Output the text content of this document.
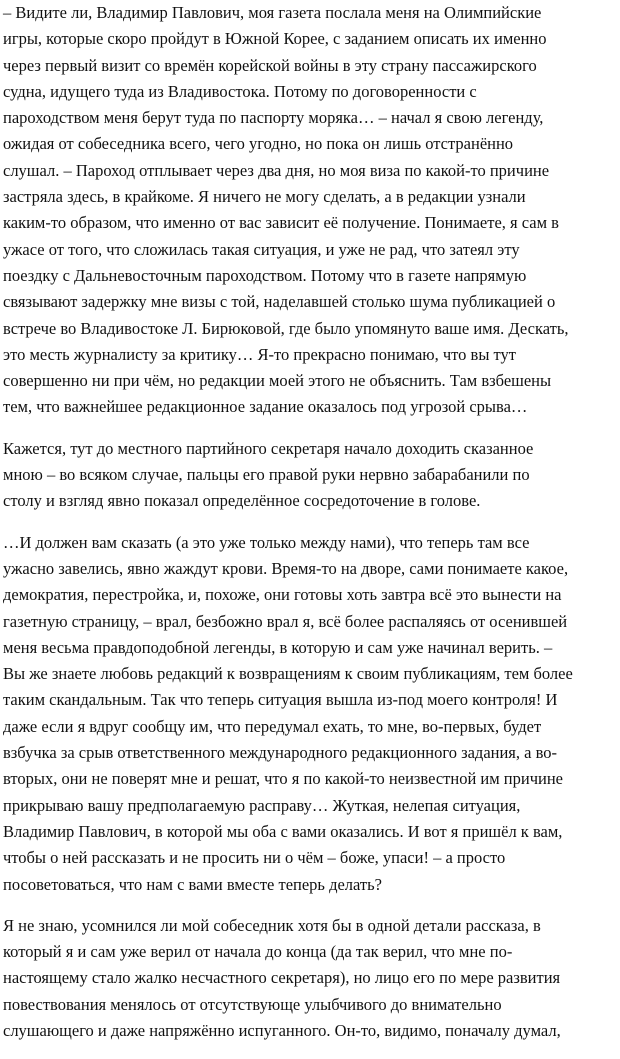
– Видите ли, Владимир Павлович, моя газета послала меня на Олимпийские
игры, которые скоро пройдут в Южной Корее, с заданием описать их именно
через первый визит со времён корейской войны в эту страну пассажирского
судна, идущего туда из Владивостока. Потому по договоренности с
пароходством меня берут туда по паспорту моряка… – начал я свою легенду,
ожидая от собеседника всего, чего угодно, но пока он лишь отстранённо
слушал. – Пароход отплывает через два дня, но моя виза по какой-то причине
застряла здесь, в крайкоме. Я ничего не могу сделать, а в редакции узнали
каким-то образом, что именно от вас зависит её получение. Понимаете, я сам в
ужасе от того, что сложилась такая ситуация, и уже не рад, что затеял эту
поездку с Дальневосточным пароходством. Потому что в газете напрямую
связывают задержку мне визы с той, наделавшей столько шума публикацией о
встрече во Владивостоке Л. Бирюковой, где было упомянуто ваше имя. Дескать,
это месть журналисту за критику… Я-то прекрасно понимаю, что вы тут
совершенно ни при чём, но редакции моей этого не объяснить. Там взбешены
тем, что важнейшее редакционное задание оказалось под угрозой срыва…

Кажется, тут до местного партийного секретаря начало доходить сказанное
мною – во всяком случае, пальцы его правой руки нервно забарабанили по
столу и взгляд явно показал определённое сосредоточение в голове.

…И должен вам сказать (а это уже только между нами), что теперь там все
ужасно завелись, явно жаждут крови. Время-то на дворе, сами понимаете какое,
демократия, перестройка, и, похоже, они готовы хоть завтра всё это вынести на
газетную страницу, – врал, безбожно врал я, всё более распаляясь от осенившей
меня весьма правдоподобной легенды, в которую и сам уже начинал верить. –
Вы же знаете любовь редакций к возвращениям к своим публикациям, тем более
таким скандальным. Так что теперь ситуация вышла из-под моего контроля! И
даже если я вдруг сообщу им, что передумал ехать, то мне, во-первых, будет
взбучка за срыв ответственного международного редакционного задания, а во-
вторых, они не поверят мне и решат, что я по какой-то неизвестной им причине
прикрываю вашу предполагаемую расправу… Жуткая, нелепая ситуация,
Владимир Павлович, в которой мы оба с вами оказались. И вот я пришёл к вам,
чтобы о ней рассказать и не просить ни о чём – боже, упаси! – а просто
посоветоваться, что нам с вами вместе теперь делать?

Я не знаю, усомнился ли мой собеседник хотя бы в одной детали рассказа, в
который я и сам уже верил от начала до конца (да так верил, что мне по-
настоящему стало жалко несчастного секретаря), но лицо его по мере развития
повествования менялось от отсутствующе улыбчивого до внимательно
слушающего и даже напряжённо испуганного. Он-то, видимо, поначалу думал,
